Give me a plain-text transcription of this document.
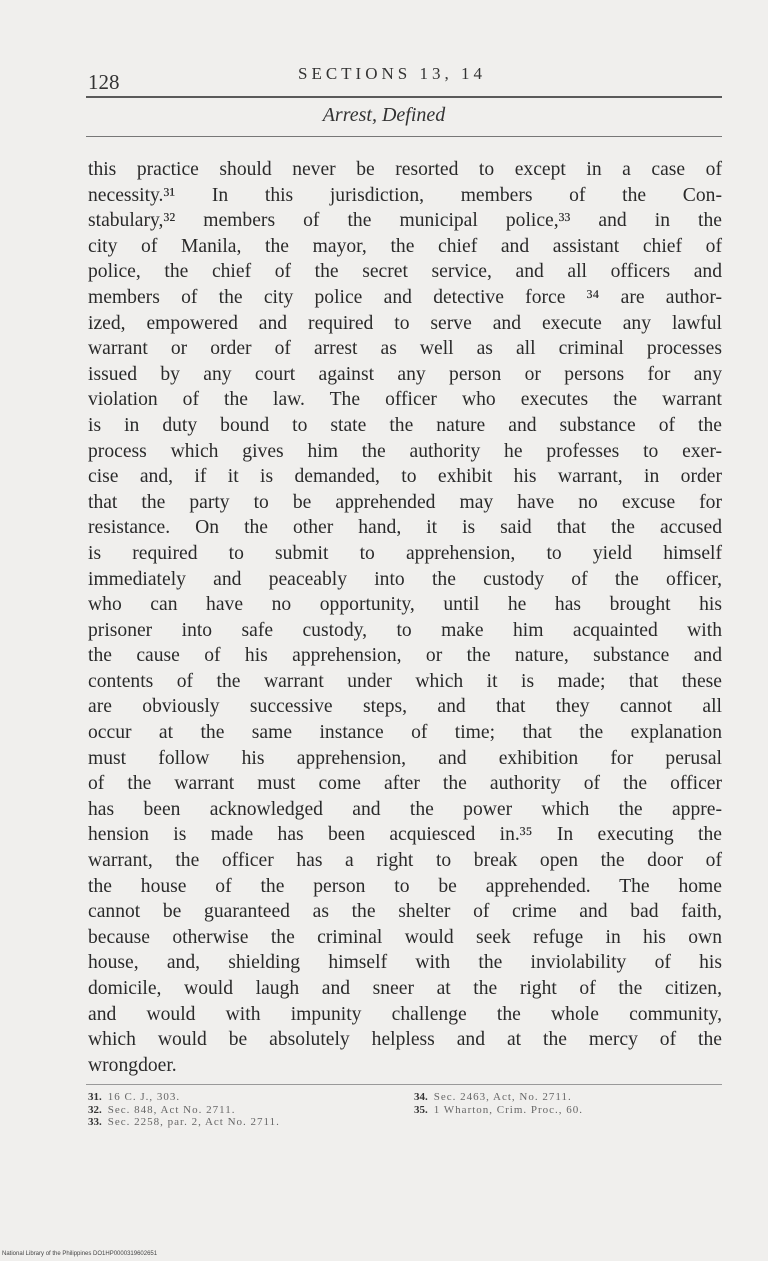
128	SECTIONS 13, 14
Arrest, Defined
this practice should never be resorted to except in a case of
necessity.³¹ In this jurisdiction, members of the Con-
stabulary,³² members of the municipal police,³³ and in the
city of Manila, the mayor, the chief and assistant chief of
police, the chief of the secret service, and all officers and
members of the city police and detective force ³⁴ are author-
ized, empowered and required to serve and execute any lawful
warrant or order of arrest as well as all criminal processes
issued by any court against any person or persons for any
violation of the law. The officer who executes the warrant
is in duty bound to state the nature and substance of the
process which gives him the authority he professes to exer-
cise and, if it is demanded, to exhibit his warrant, in order
that the party to be apprehended may have no excuse for
resistance. On the other hand, it is said that the accused
is required to submit to apprehension, to yield himself
immediately and peaceably into the custody of the officer,
who can have no opportunity, until he has brought his
prisoner into safe custody, to make him acquainted with
the cause of his apprehension, or the nature, substance and
contents of the warrant under which it is made; that these
are obviously successive steps, and that they cannot all
occur at the same instance of time; that the explanation
must follow his apprehension, and exhibition for perusal
of the warrant must come after the authority of the officer
has been acknowledged and the power which the appre-
hension is made has been acquiesced in.³⁵ In executing the
warrant, the officer has a right to break open the door of
the house of the person to be apprehended. The home
cannot be guaranteed as the shelter of crime and bad faith,
because otherwise the criminal would seek refuge in his own
house, and, shielding himself with the inviolability of his
domicile, would laugh and sneer at the right of the citizen,
and would with impunity challenge the whole community,
which would be absolutely helpless and at the mercy of the
wrongdoer.
31. 16 C. J., 303.
32. Sec. 848, Act No. 2711.
33. Sec. 2258, par. 2, Act No. 2711.
34. Sec. 2463, Act, No. 2711.
35. 1 Wharton, Crim. Proc., 60.
National Library of the Philippines DO1HP0000319602651
